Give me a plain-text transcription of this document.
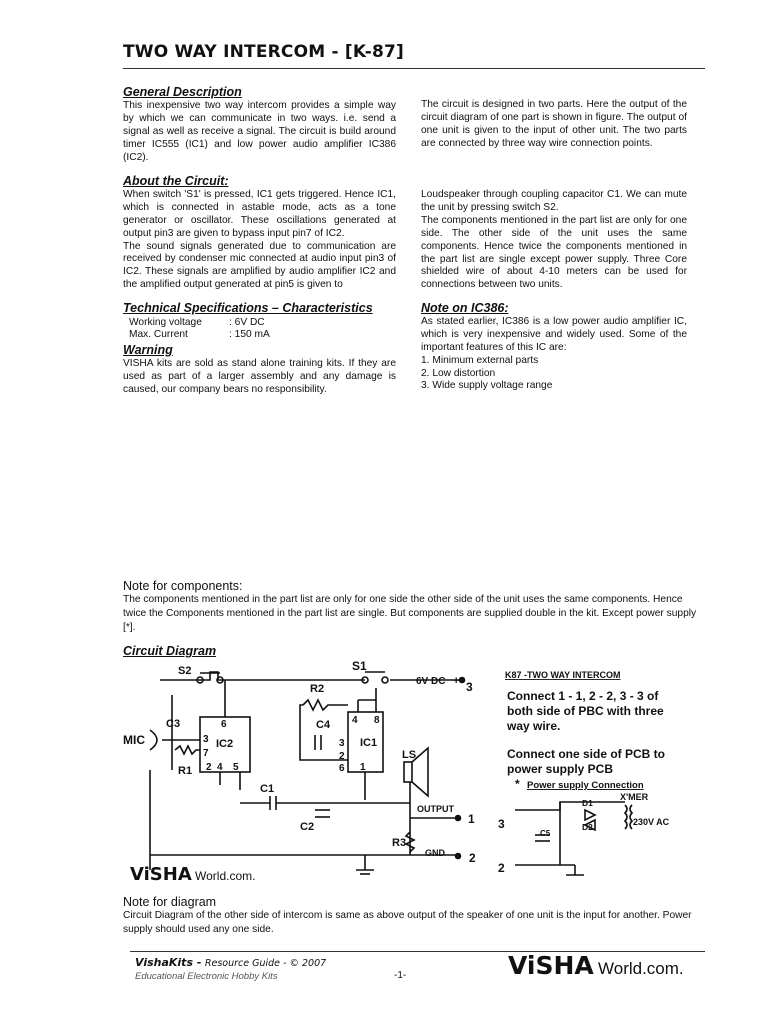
TWO WAY INTERCOM - [K-87]

General Description

This inexpensive two way intercom provides a simple way by which we can communicate in two ways. i.e. send a signal as well as receive a signal. The circuit is build around timer IC555 (IC1) and low power audio amplifier IC386 (IC2).

The circuit is designed in two parts. Here the output of the circuit diagram of one part is shown in figure. The output of one unit is given to the input of other unit. The two parts are connected by three way wire connection points.

About the Circuit:

When switch 'S1' is pressed, IC1 gets triggered. Hence IC1, which is connected in astable mode, acts as a tone generator or oscillator. These oscillations generated at output pin3 are given to bypass input pin7 of IC2.

The sound signals generated due to communication are received by condenser mic connected at audio input pin3 of IC2. These signals are amplified by audio amplifier IC2 and the amplified output generated at pin5 is given to

Loudspeaker through coupling capacitor C1. We can mute the unit by pressing switch S2.

The components mentioned in the part list are only for one side. The other side of the unit uses the same components. Hence twice the components mentioned in the part list are single except power supply. Three Core shielded wire of about 4-10 meters can be used for connections between two units.

Technical Specifications – Characteristics

Working voltage	: 6V DC
Max. Current	: 150 mA

Warning

VISHA kits are sold as stand alone training kits. If they are used as part of a larger assembly and any damage is caused, our company bears no responsibility.

Note on IC386:

As stated earlier, IC386 is a low power audio amplifier IC, which is very inexpensive and widely used. Some of the important features of this IC are:

1. Minimum external parts

2. Low distortion

3. Wide supply voltage range

Note for components:

The components mentioned in the part list are only for one side the other side of the unit uses the same components. Hence twice the Components mentioned in the part list are single. But components are supplied double in the kit. Except power supply [*].

Circuit Diagram

S2	S1
6V DC 3
+
IC2
6
3
7
2 4 5
MIC
C3
R1
IC1
4 8
3
2
6 1
R2
C4
C1
C2
LS
OUTPUT
1
R3
GND 2
ViSHA World.com.
K87 -TWO WAY INTERCOM
Connect 1 - 1, 2 - 2, 3 - 3 of
both side of PBC with three
way wire.
Connect one side of PCB to
power supply PCB
* Power supply Connection
X'MER
D1
D2
C5
230V AC
3
2

Note for diagram

Circuit Diagram of the other side of intercom is same as above output of the speaker of one unit is the input for another. Power supply should used any one side.

VishaKits - Resource Guide - © 2007

Educational Electronic Hobby Kits	-1-	ViSHA World.com.
